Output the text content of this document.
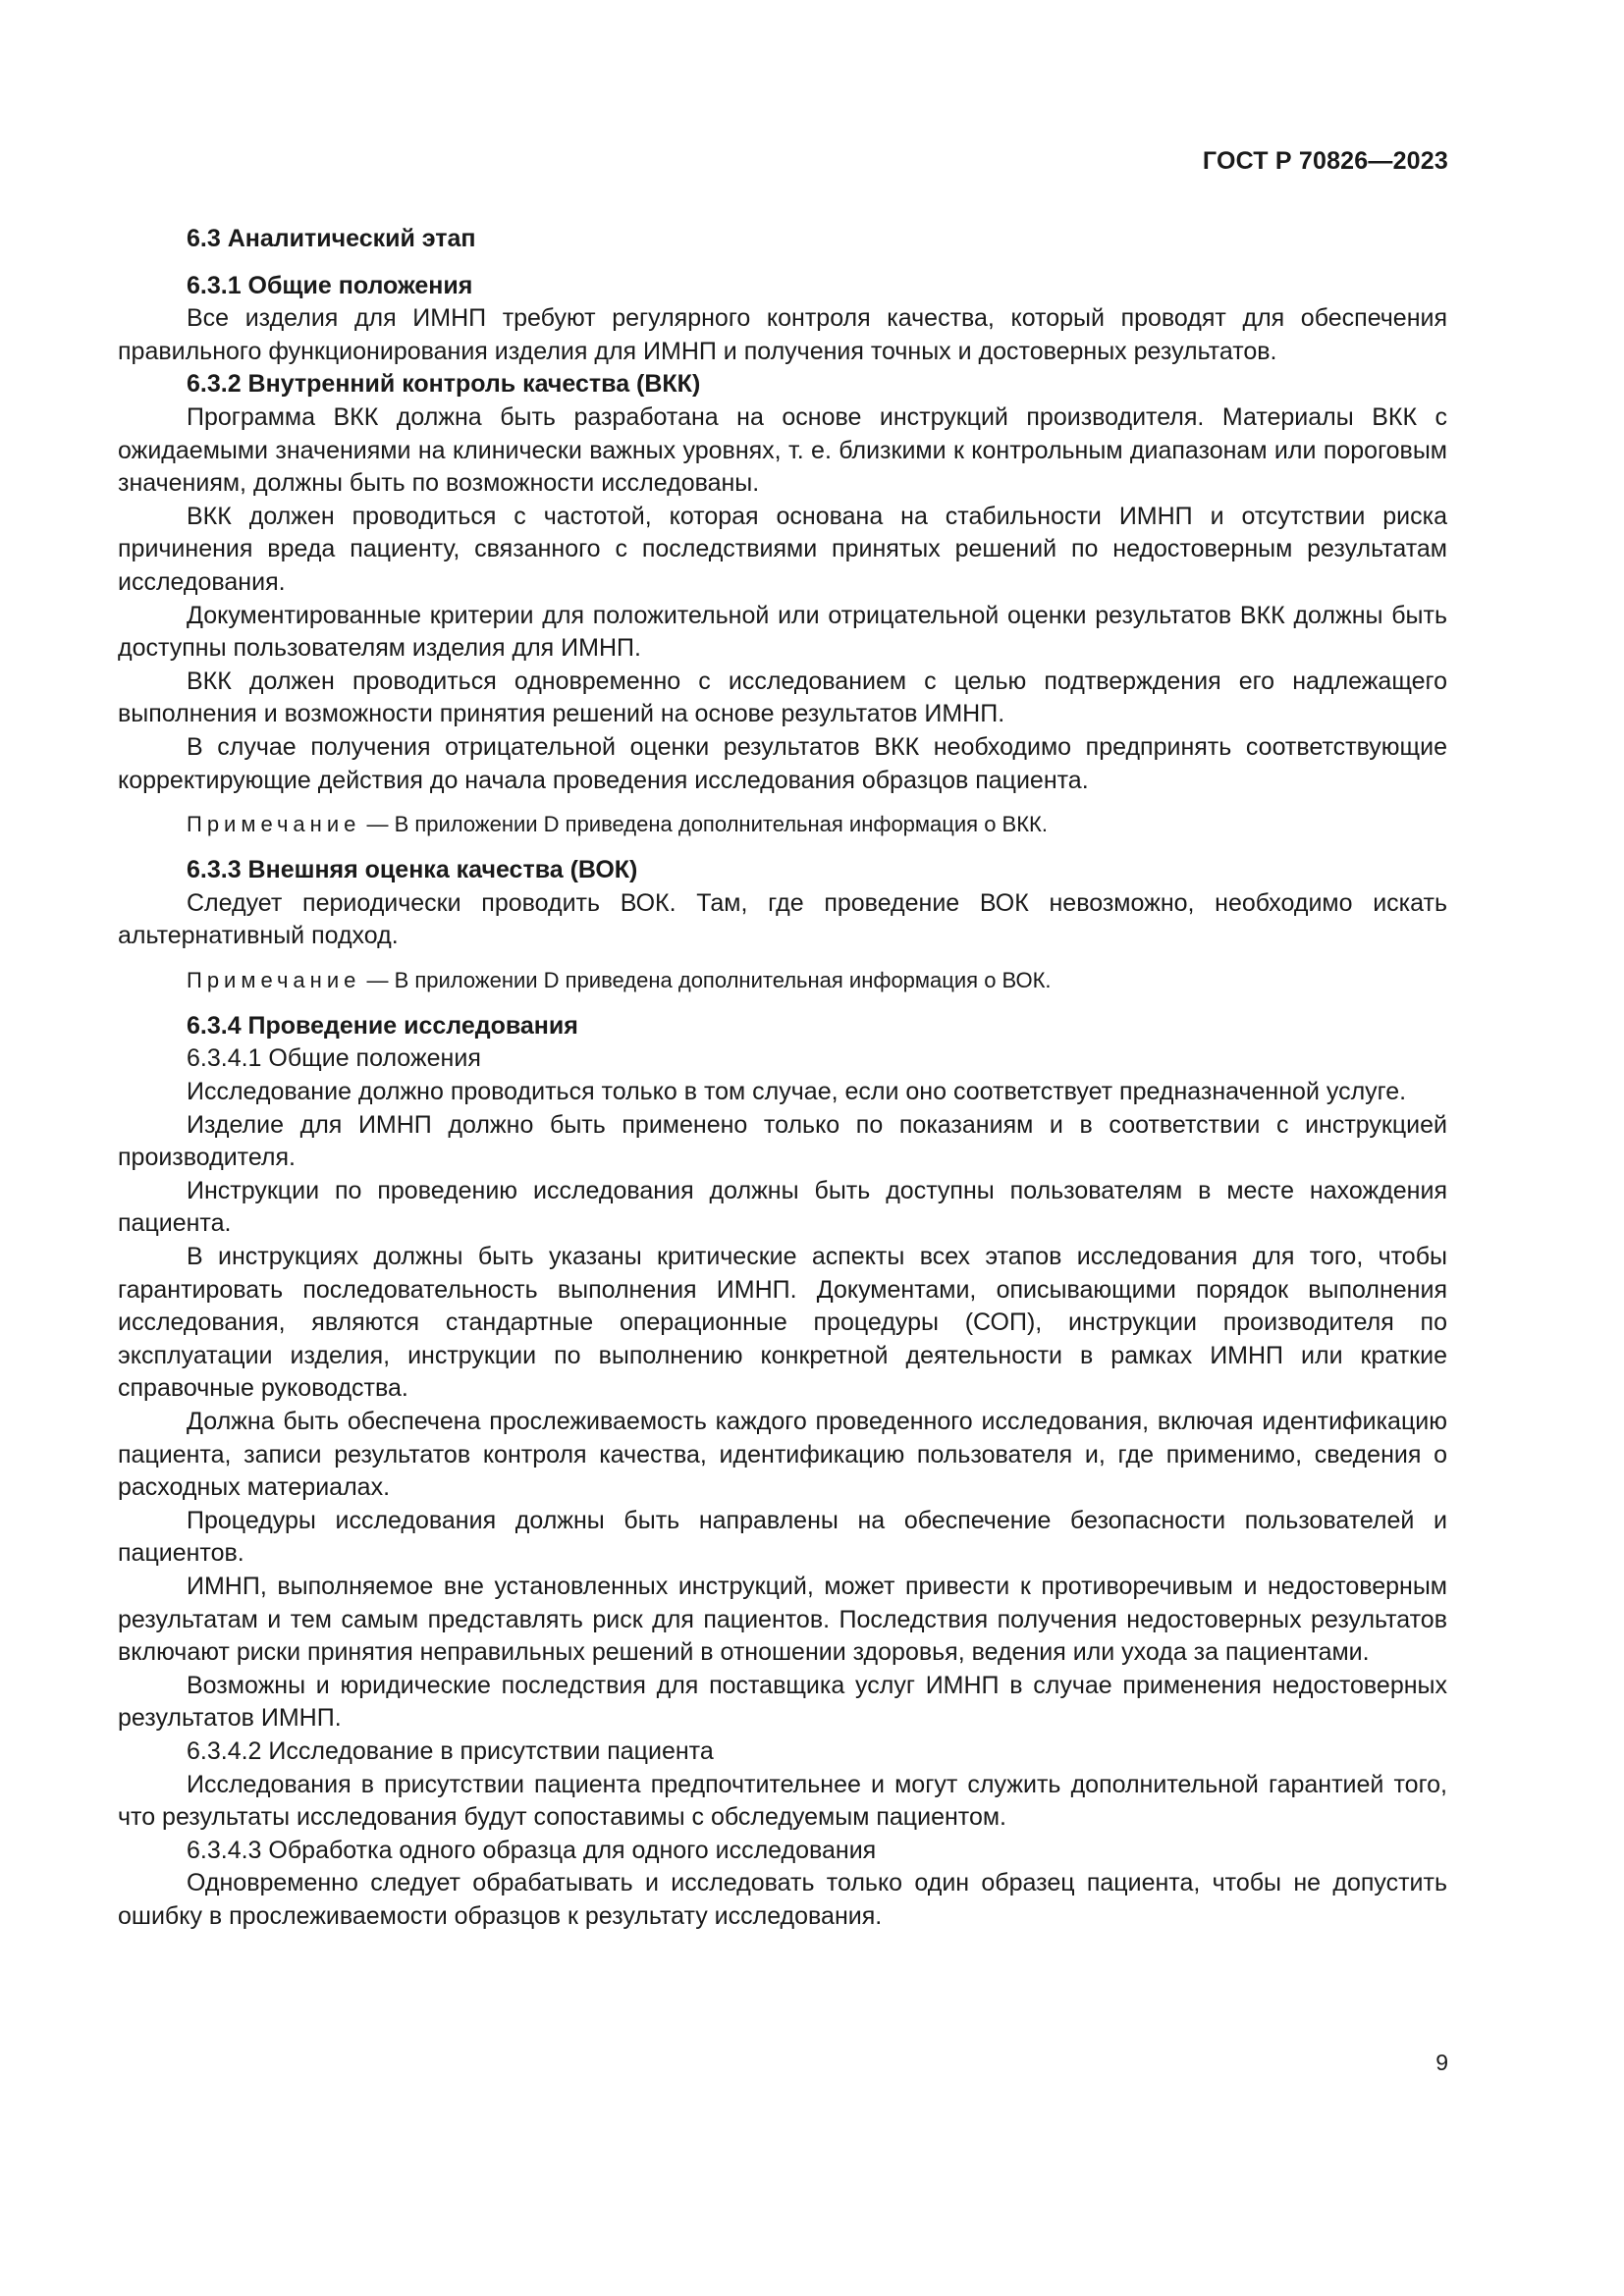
ГОСТ Р 70826—2023

6.3 Аналитический этап

6.3.1 Общие положения

Все изделия для ИМНП требуют регулярного контроля качества, который проводят для обеспечения правильного функционирования изделия для ИМНП и получения точных и достоверных результатов.

6.3.2 Внутренний контроль качества (ВКК)

Программа ВКК должна быть разработана на основе инструкций производителя. Материалы ВКК с ожидаемыми значениями на клинически важных уровнях, т. е. близкими к контрольным диапазонам или пороговым значениям, должны быть по возможности исследованы.

ВКК должен проводиться с частотой, которая основана на стабильности ИМНП и отсутствии риска причинения вреда пациенту, связанного с последствиями принятых решений по недостоверным результатам исследования.

Документированные критерии для положительной или отрицательной оценки результатов ВКК должны быть доступны пользователям изделия для ИМНП.

ВКК должен проводиться одновременно с исследованием с целью подтверждения его надлежащего выполнения и возможности принятия решений на основе результатов ИМНП.

В случае получения отрицательной оценки результатов ВКК необходимо предпринять соответствующие корректирующие действия до начала проведения исследования образцов пациента.

Примечание — В приложении D приведена дополнительная информация о ВКК.

6.3.3 Внешняя оценка качества (ВОК)

Следует периодически проводить ВОК. Там, где проведение ВОК невозможно, необходимо искать альтернативный подход.

Примечание — В приложении D приведена дополнительная информация о ВОК.

6.3.4 Проведение исследования

6.3.4.1 Общие положения

Исследование должно проводиться только в том случае, если оно соответствует предназначенной услуге.

Изделие для ИМНП должно быть применено только по показаниям и в соответствии с инструкцией производителя.

Инструкции по проведению исследования должны быть доступны пользователям в месте нахождения пациента.

В инструкциях должны быть указаны критические аспекты всех этапов исследования для того, чтобы гарантировать последовательность выполнения ИМНП. Документами, описывающими порядок выполнения исследования, являются стандартные операционные процедуры (СОП), инструкции производителя по эксплуатации изделия, инструкции по выполнению конкретной деятельности в рамках ИМНП или краткие справочные руководства.

Должна быть обеспечена прослеживаемость каждого проведенного исследования, включая идентификацию пациента, записи результатов контроля качества, идентификацию пользователя и, где применимо, сведения о расходных материалах.

Процедуры исследования должны быть направлены на обеспечение безопасности пользователей и пациентов.

ИМНП, выполняемое вне установленных инструкций, может привести к противоречивым и недостоверным результатам и тем самым представлять риск для пациентов. Последствия получения недостоверных результатов включают риски принятия неправильных решений в отношении здоровья, ведения или ухода за пациентами.

Возможны и юридические последствия для поставщика услуг ИМНП в случае применения недостоверных результатов ИМНП.

6.3.4.2 Исследование в присутствии пациента

Исследования в присутствии пациента предпочтительнее и могут служить дополнительной гарантией того, что результаты исследования будут сопоставимы с обследуемым пациентом.

6.3.4.3 Обработка одного образца для одного исследования

Одновременно следует обрабатывать и исследовать только один образец пациента, чтобы не допустить ошибку в прослеживаемости образцов к результату исследования.

9
